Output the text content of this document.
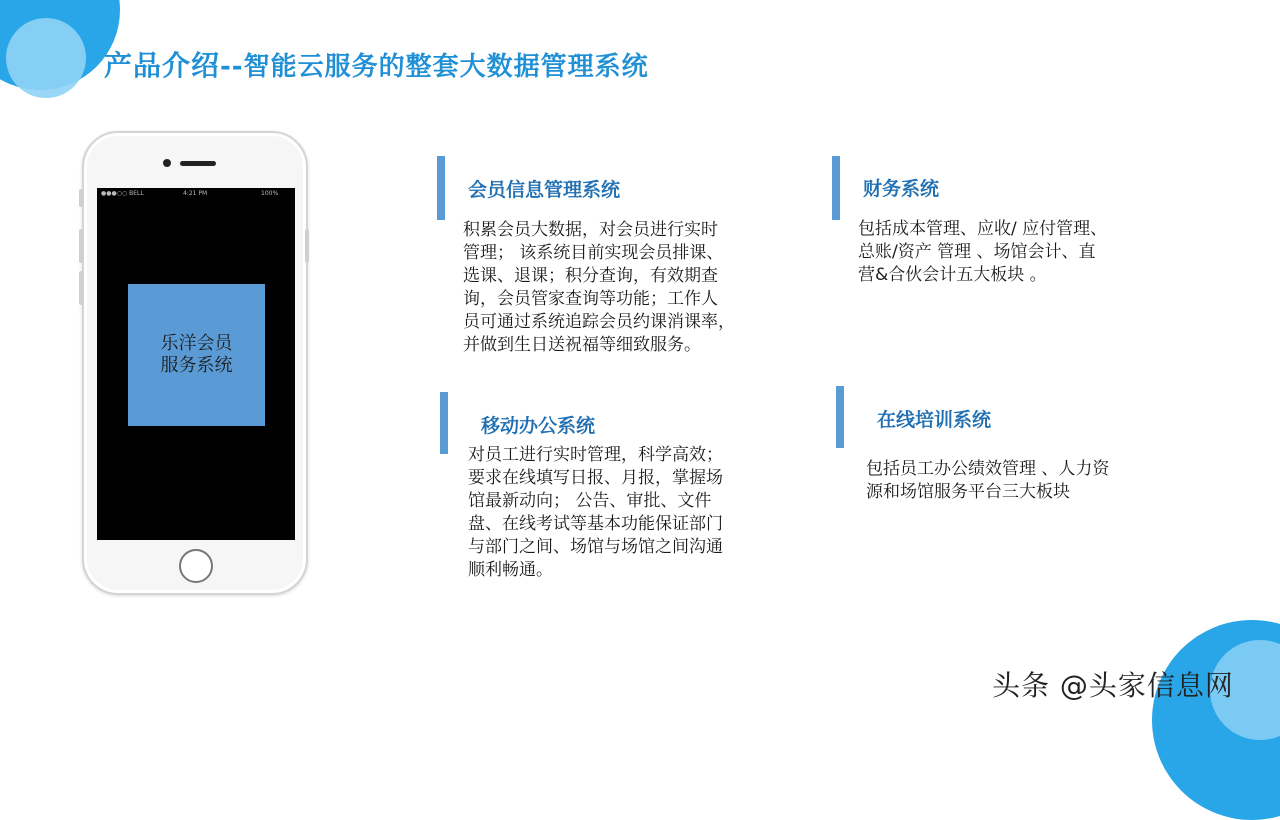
产品介绍--智能云服务的整套大数据管理系统
●●●○○ BELL	4:21 PM	100%
乐洋会员
服务系统
会员信息管理系统
积累会员大数据，对会员进行实时
管理； 该系统目前实现会员排课、
选课、退课；积分查询，有效期查
询，会员管家查询等功能；工作人
员可通过系统追踪会员约课消课率，
并做到生日送祝福等细致服务。
财务系统
包括成本管理、应收/ 应付管理、
总账/资产 管理 、场馆会计、直
营&合伙会计五大板块 。
移动办公系统
对员工进行实时管理，科学高效；
要求在线填写日报、月报，掌握场
馆最新动向； 公告、审批、文件
盘、在线考试等基本功能保证部门
与部门之间、场馆与场馆之间沟通
顺利畅通。
在线培训系统
包括员工办公绩效管理 、人力资
源和场馆服务平台三大板块
头条 @头家信息网
